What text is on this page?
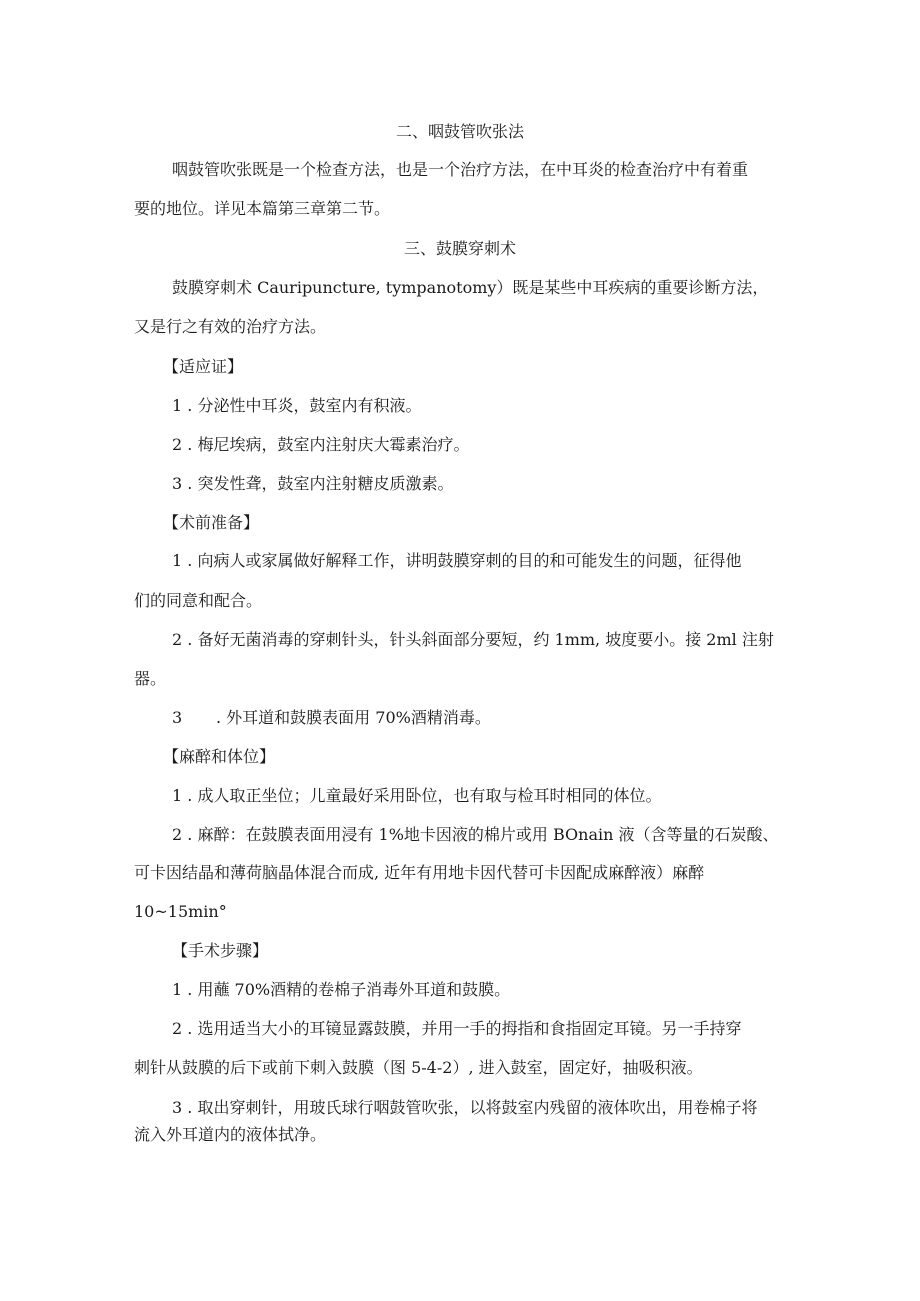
二、咽鼓管吹张法
咽鼓管吹张既是一个检查方法，也是一个治疗方法，在中耳炎的检查治疗中有着重
要的地位。详见本篇第三章第二节。
三、鼓膜穿刺术
鼓膜穿刺术 Cauripuncture, tympanotomy）既是某些中耳疾病的重要诊断方法，
又是行之有效的治疗方法。
【适应证】
1 . 分泌性中耳炎，鼓室内有积液。
2 . 梅尼埃病，鼓室内注射庆大霉素治疗。
3 . 突发性聋，鼓室内注射糖皮质激素。
【术前准备】
1 . 向病人或家属做好解释工作，讲明鼓膜穿刺的目的和可能发生的问题，征得他
们的同意和配合。
2 . 备好无菌消毒的穿刺针头，针头斜面部分要短，约 1mm, 坡度要小。接 2ml 注射
器。
3 . 外耳道和鼓膜表面用 70%酒精消毒。
【麻醉和体位】
1 . 成人取正坐位；儿童最好采用卧位，也有取与检耳时相同的体位。
2 . 麻醉：在鼓膜表面用浸有 1%地卡因液的棉片或用 BOnain 液（含等量的石炭酸、
可卡因结晶和薄荷脑晶体混合而成, 近年有用地卡因代替可卡因配成麻醉液）麻醉
10~15min°
【手术步骤】
1 . 用蘸 70%酒精的卷棉子消毒外耳道和鼓膜。
2 . 选用适当大小的耳镜显露鼓膜，并用一手的拇指和食指固定耳镜。另一手持穿
刺针从鼓膜的后下或前下刺入鼓膜（图 5-4-2）, 进入鼓室，固定好，抽吸积液。
3 . 取出穿刺针，用玻氏球行咽鼓管吹张，以将鼓室内残留的液体吹出，用卷棉子将
流入外耳道内的液体拭净。
